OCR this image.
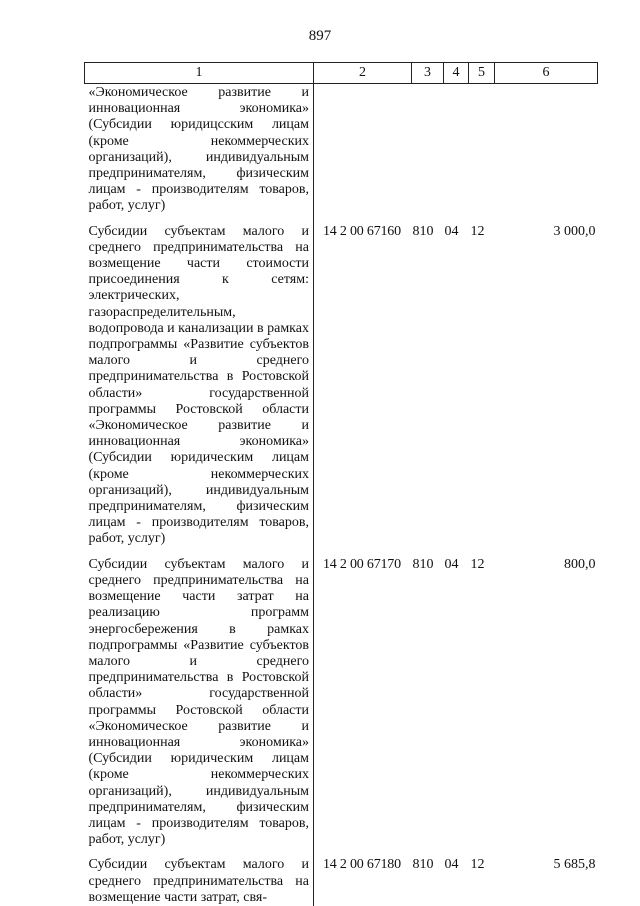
897
1	2	3	4	5	6
«Экономическое развитие и инновационная экономика» (Субсидии юридицсским лицам (кроме некоммерческих организаций), индивидуальным предпринимателям, физическим лицам - производителям товаров, работ, услуг)					

Субсидии субъектам малого и среднего предпринимательства на возмещение части стоимости присоединения к сетям: электрических, газораспределительным, водопровода и канализации в рамках подпрограммы «Развитие субъектов малого и среднего предпринимательства в Ростовской области» государственной программы Ростовской области «Экономическое развитие и инновационная экономика» (Субсидии юридическим лицам (кроме некоммерческих организаций), индивидуальным предпринимателям, физическим лицам - производителям товаров, работ, услуг)	14 2 00 67160	810	04	12	3 000,0

Субсидии субъектам малого и среднего предпринимательства на возмещение части затрат на реализацию программ энергосбережения в рамках подпрограммы «Развитие субъектов малого и среднего предпринимательства в Ростовской области» государственной программы Ростовской области «Экономическое развитие и инновационная экономика» (Субсидии юридическим лицам (кроме некоммерческих организаций), индивидуальным предпринимателям, физическим лицам - производителям товаров, работ, услуг)	14 2 00 67170	810	04	12	800,0

Субсидии субъектам малого и среднего предпринимательства на возмещение части затрат, свя-	14 2 00 67180	810	04	12	5 685,8
